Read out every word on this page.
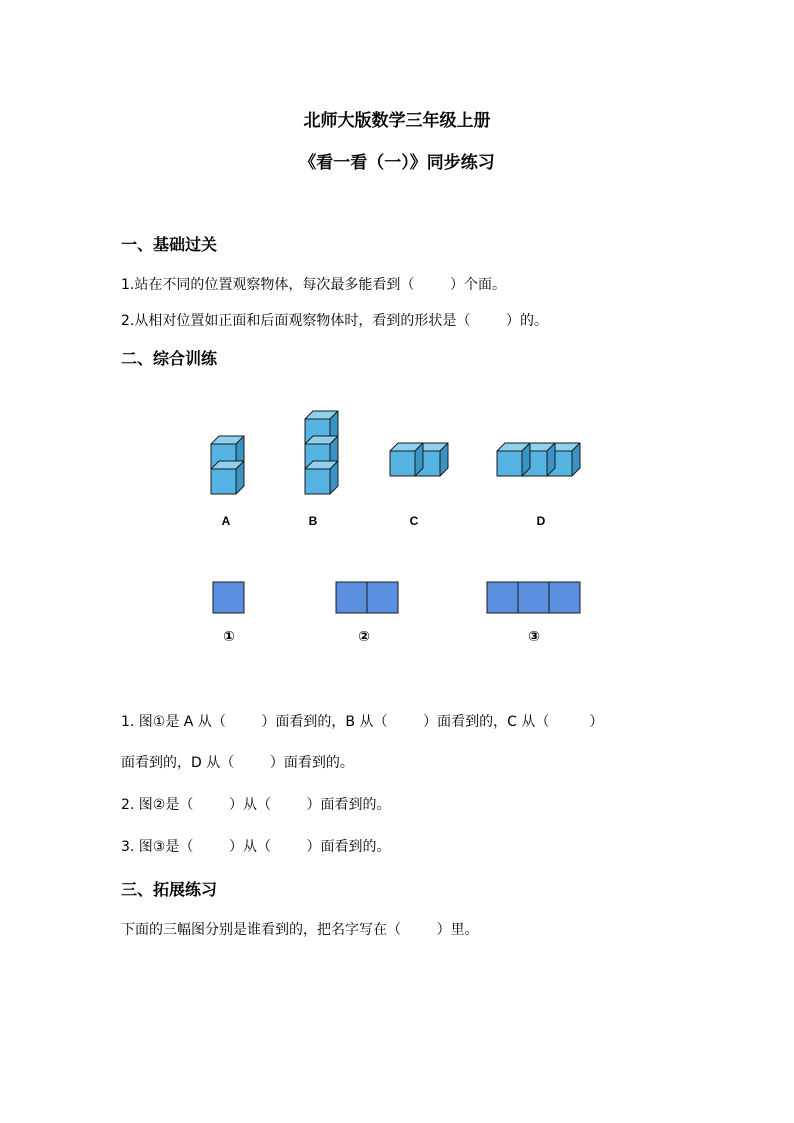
北师大版数学三年级上册
《看一看（一）》同步练习
一、基础过关
1.站在不同的位置观察物体，每次最多能看到（        ）个面。
2.从相对位置如正面和后面观察物体时，看到的形状是（        ）的。
二、综合训练
A	B	C	D
①	②	③
1. 图①是 A 从（        ）面看到的，B 从（        ）面看到的，C 从（         ）
面看到的，D 从（        ）面看到的。
2. 图②是（        ）从（        ）面看到的。
3. 图③是（        ）从（        ）面看到的。
三、拓展练习
下面的三幅图分别是谁看到的，把名字写在（        ）里。
